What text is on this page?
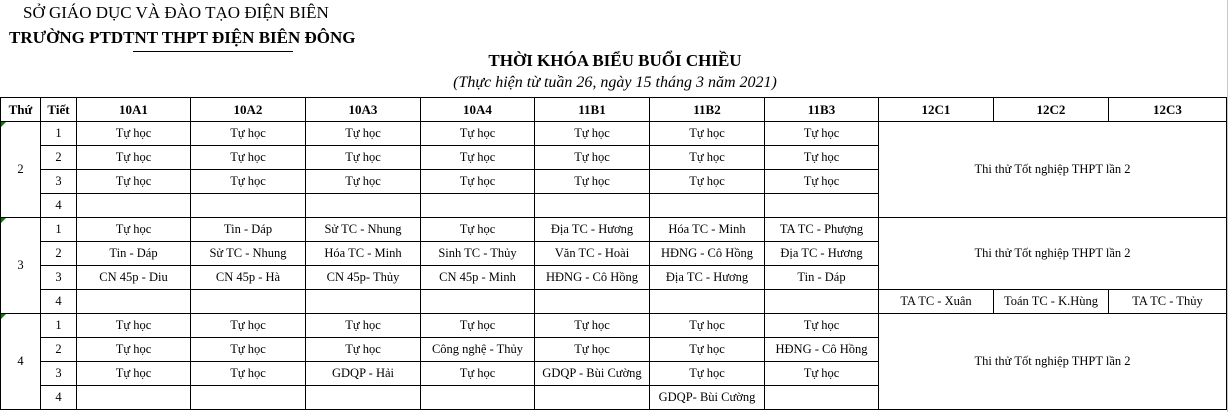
SỞ GIÁO DỤC VÀ ĐÀO TẠO ĐIỆN BIÊN
TRƯỜNG PTDTNT THPT ĐIỆN BIÊN ĐÔNG
THỜI KHÓA BIỂU BUỔI CHIỀU
(Thực hiện từ tuần 26, ngày 15 tháng 3 năm 2021)
Thứ	Tiết	10A1	10A2	10A3	10A4	11B1	11B2	11B3	12C1	12C2	12C3

2	1	Tự học	Tự học	Tự học	Tự học	Tự học	Tự học	Tự học	Thi thử Tốt nghiệp THPT lần 2		
	2	Tự học	Tự học	Tự học	Tự học	Tự học	Tự học	Tự học			
	3	Tự học	Tự học	Tự học	Tự học	Tự học	Tự học	Tự học			
	4										

3	1	Tự học	Tin - Dáp	Sử TC - Nhung	Tự học	Địa TC - Hương	Hóa TC - Minh	TA TC - Phượng	Thi thử Tốt nghiệp THPT lần 2		
	2	Tin - Dáp	Sử TC - Nhung	Hóa TC - Minh	Sinh TC - Thủy	Văn TC - Hoài	HĐNG - Cô Hồng	Địa TC - Hương			
	3	CN 45p - Diu	CN 45p - Hà	CN 45p- Thủy	CN 45p - Minh	HĐNG - Cô Hồng	Địa TC - Hương	Tin - Dáp			
	4								TA TC - Xuân	Toán TC - K.Hùng	TA TC - Thủy

4	1	Tự học	Tự học	Tự học	Tự học	Tự học	Tự học	Tự học	Thi thử Tốt nghiệp THPT lần 2		
	2	Tự học	Tự học	Tự học	Công nghệ - Thủy	Tự học	Tự học	HĐNG - Cô Hồng			
	3	Tự học	Tự học	GDQP - Hải	Tự học	GDQP - Bùi Cường	Tự học	Tự học			
	4						GDQP- Bùi Cường				
